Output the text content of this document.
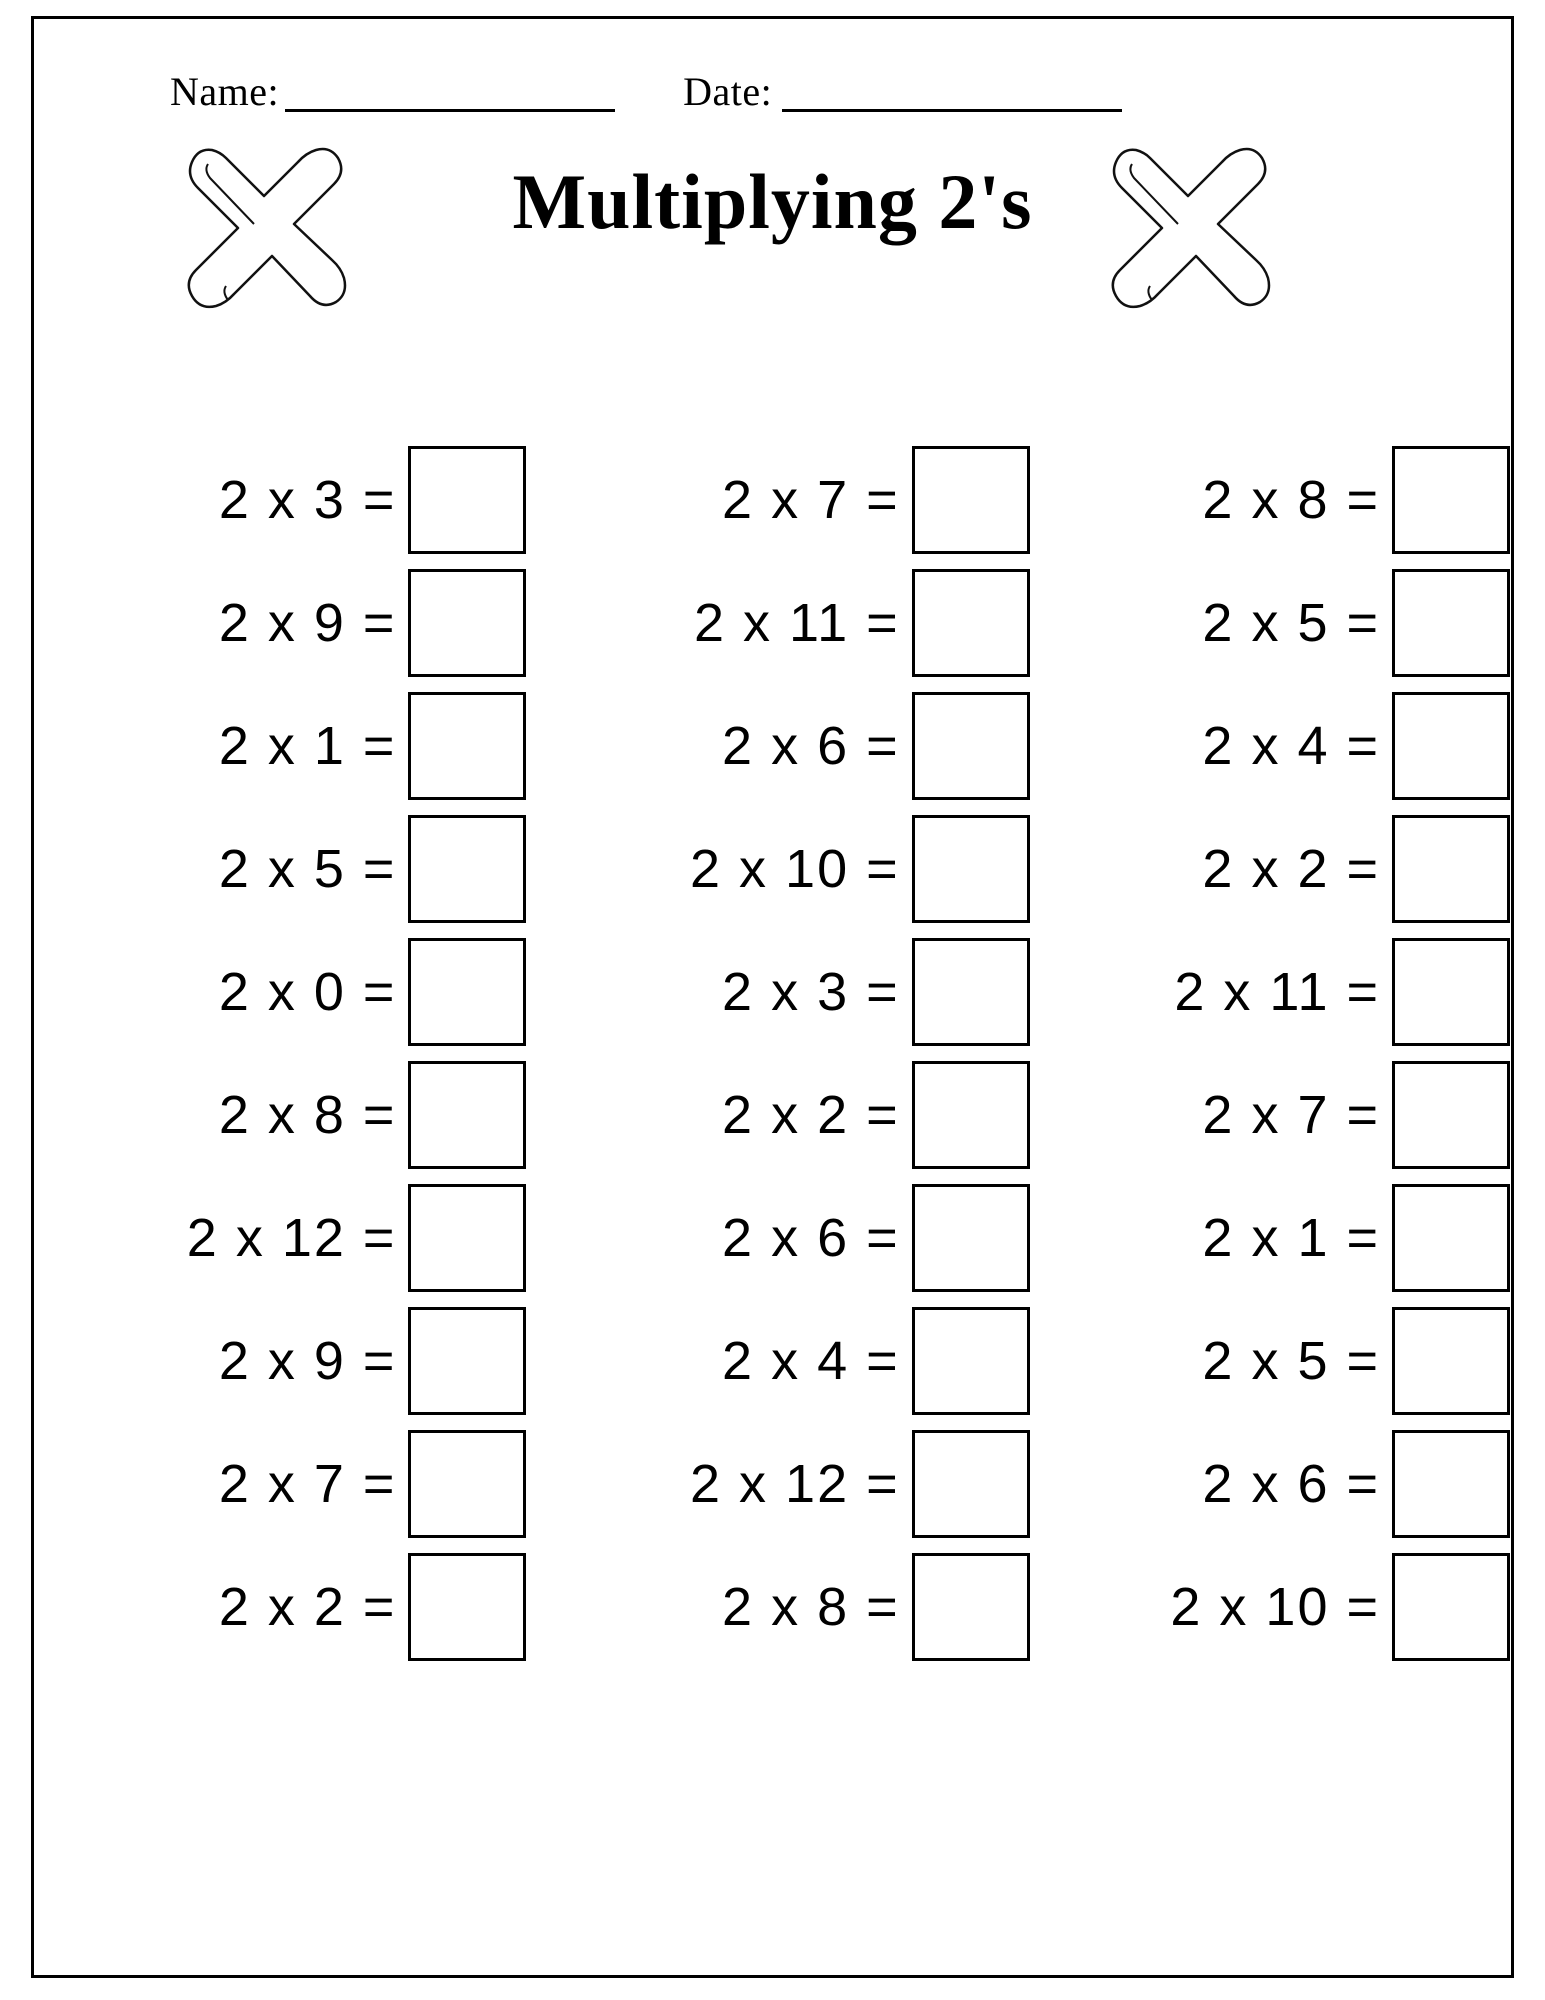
Name:	Date:
Multiplying 2's
2 x 3 =	2 x 7 =	2 x 8 =
2 x 9 =	2 x 11 =	2 x 5 =
2 x 1 =	2 x 6 =	2 x 4 =
2 x 5 =	2 x 10 =	2 x 2 =
2 x 0 =	2 x 3 =	2 x 11 =
2 x 8 =	2 x 2 =	2 x 7 =
2 x 12 =	2 x 6 =	2 x 1 =
2 x 9 =	2 x 4 =	2 x 5 =
2 x 7 =	2 x 12 =	2 x 6 =
2 x 2 =	2 x 8 =	2 x 10 =
